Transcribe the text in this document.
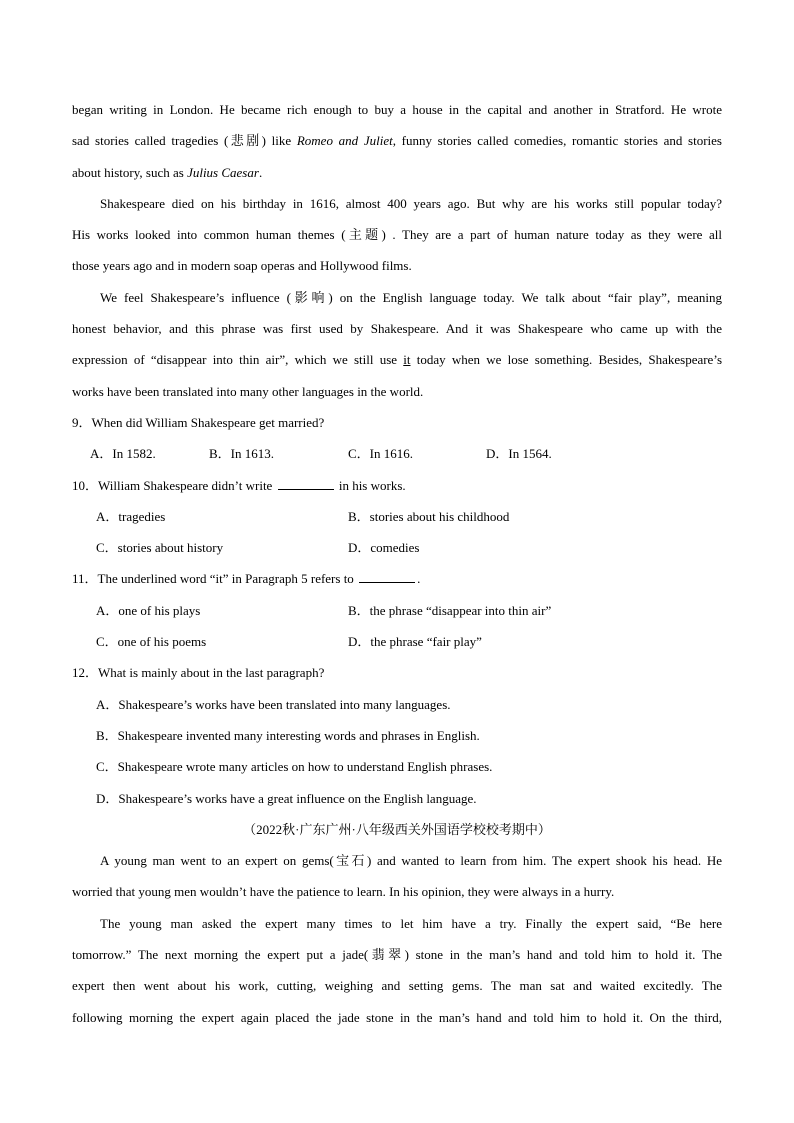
began writing in London. He became rich enough to buy a house in the capital and another in Stratford. He wrote
sad stories called tragedies (悲剧) like Romeo and Juliet, funny stories called comedies, romantic stories and stories
about history, such as Julius Caesar.
Shakespeare died on his birthday in 1616, almost 400 years ago. But why are his works still popular today?
His works looked into common human themes (主题) . They are a part of human nature today as they were all
those years ago and in modern soap operas and Hollywood films.
We feel Shakespeare’s influence (影响) on the English language today. We talk about “fair play”, meaning
honest behavior, and this phrase was first used by Shakespeare. And it was Shakespeare who came up with the
expression of “disappear into thin air”, which we still use it today when we lose something. Besides, Shakespeare’s
works have been translated into many other languages in the world.
9．When did William Shakespeare get married?
A．In 1582.	B．In 1613.	C．In 1616.	D．In 1564.
10．William Shakespeare didn’t write	in his works.
A．tragedies	B．stories about his childhood
C．stories about history	D．comedies
11．The underlined word “it” in Paragraph 5 refers to	.
A．one of his plays	B．the phrase “disappear into thin air”
C．one of his poems	D．the phrase “fair play”
12．What is mainly about in the last paragraph?
A．Shakespeare’s works have been translated into many languages.
B．Shakespeare invented many interesting words and phrases in English.
C．Shakespeare wrote many articles on how to understand English phrases.
D．Shakespeare’s works have a great influence on the English language.
（2022秋·广东广州·八年级西关外国语学校校考期中）
A young man went to an expert on gems(宝石) and wanted to learn from him. The expert shook his head. He
worried that young men wouldn’t have the patience to learn. In his opinion, they were always in a hurry.
The young man asked the expert many times to let him have a try. Finally the expert said, “Be here
tomorrow.” The next morning the expert put a jade(翡翠) stone in the man’s hand and told him to hold it. The
expert then went about his work, cutting, weighing and setting gems. The man sat and waited excitedly. The
following morning the expert again placed the jade stone in the man’s hand and told him to hold it. On the third,
